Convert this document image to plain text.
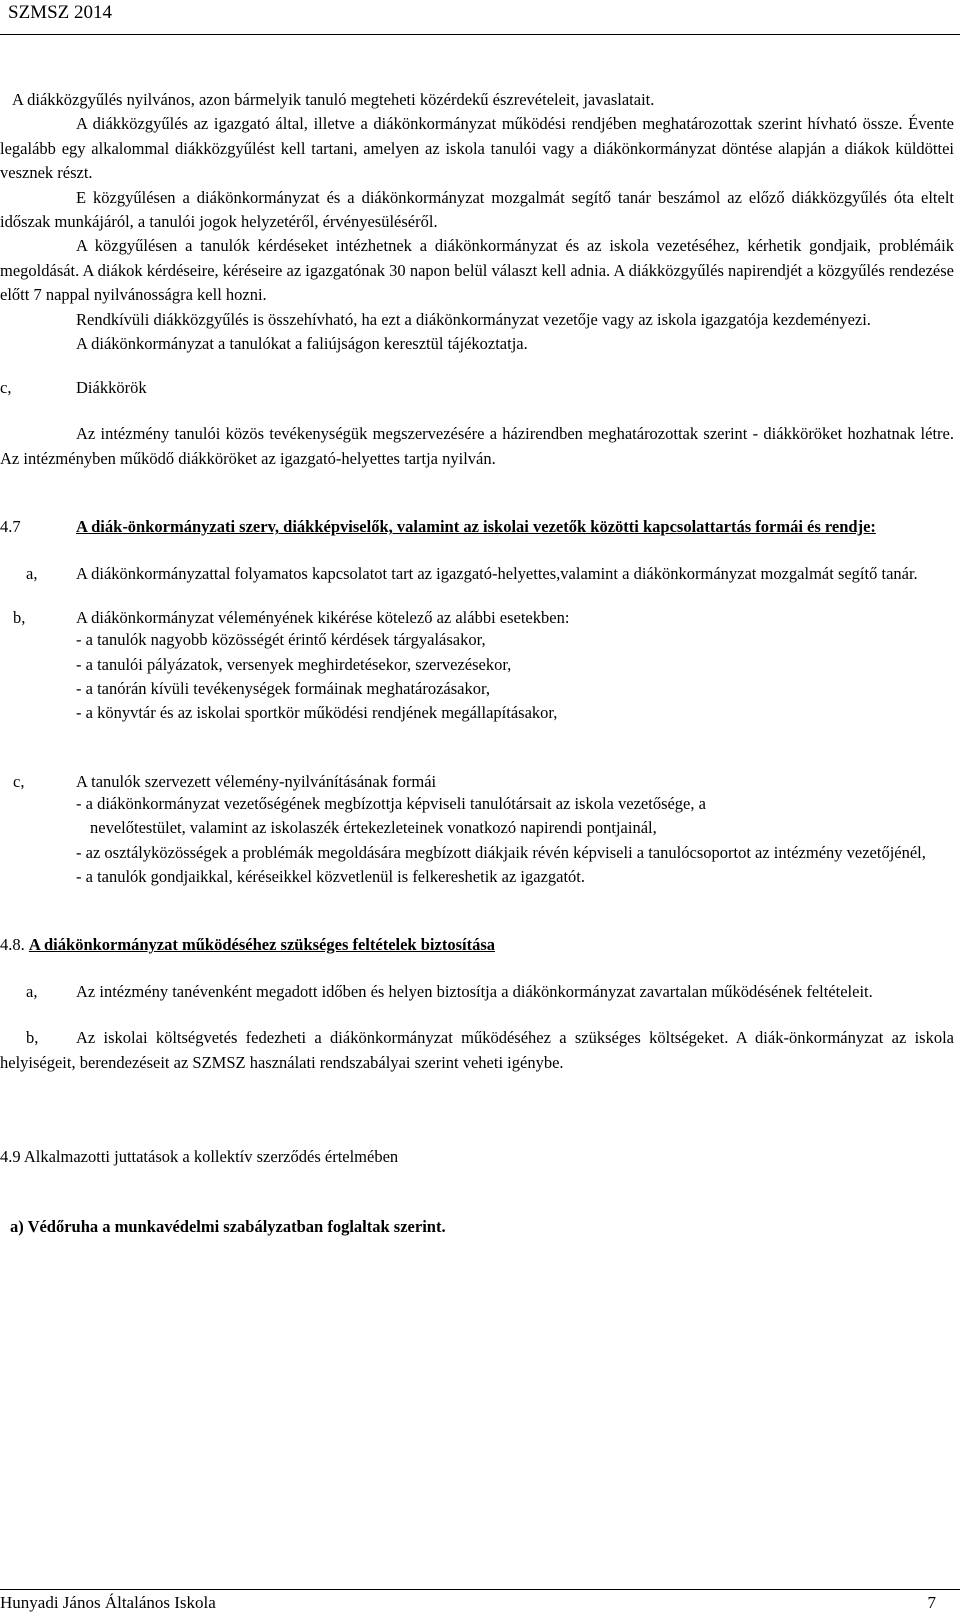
SZMSZ 2014

A diákközgyűlés nyilvános, azon bármelyik tanuló megteheti közérdekű észrevételeit, javaslatait.

A diákközgyűlés az igazgató által, illetve a diákönkormányzat működési rendjében meghatározottak szerint hívható össze. Évente legalább egy alkalommal diákközgyűlést kell tartani, amelyen az iskola tanulói vagy a diákönkormányzat döntése alapján a diákok küldöttei vesznek részt.

E közgyűlésen a diákönkormányzat és a diákönkormányzat mozgalmát segítő tanár beszámol az előző diákközgyűlés óta eltelt időszak munkájáról, a tanulói jogok helyzetéről, érvényesüléséről.

A közgyűlésen a tanulók kérdéseket intézhetnek a diákönkormányzat és az iskola vezetéséhez, kérhetik gondjaik, problémáik megoldását. A diákok kérdéseire, kéréseire az igazgatónak 30 napon belül választ kell adnia. A diákközgyűlés napirendjét a közgyűlés rendezése előtt 7 nappal nyilvánosságra kell hozni.

Rendkívüli diákközgyűlés is összehívható, ha ezt a diákönkormányzat vezetője vagy az iskola igazgatója kezdeményezi.

A diákönkormányzat a tanulókat a faliújságon keresztül tájékoztatja.

c,	Diákkörök

Az intézmény tanulói közös tevékenységük megszervezésére a házirendben meghatározottak szerint - diákköröket hozhatnak létre. Az intézményben működő diákköröket az igazgató-helyettes tartja nyilván.

4.7	A diák-önkormányzati szerv, diákképviselők, valamint az iskolai vezetők közötti kapcsolattartás formái és rendje:

a, A diákönkormányzattal folyamatos kapcsolatot tart az igazgató-helyettes,valamint a diákönkormányzat mozgalmát segítő tanár.

b,	A diákönkormányzat véleményének kikérése kötelező az alábbi esetekben:

- a tanulók nagyobb közösségét érintő kérdések tárgyalásakor,

- a tanulói pályázatok, versenyek meghirdetésekor, szervezésekor,

- a tanórán kívüli tevékenységek formáinak meghatározásakor,

- a könyvtár és az iskolai sportkör működési rendjének megállapításakor,

c,	A tanulók szervezett vélemény-nyilvánításának formái

- a diákönkormányzat vezetőségének megbízottja képviseli tanulótársait az iskola vezetősége, a

nevelőtestület, valamint az iskolaszék értekezleteinek vonatkozó napirendi pontjainál,

- az osztályközösségek a problémák megoldására megbízott diákjaik révén képviseli a tanulócsoportot az intézmény vezetőjénél,

- a tanulók gondjaikkal, kéréseikkel közvetlenül is felkereshetik az igazgatót.

4.8. A diákönkormányzat működéséhez szükséges feltételek biztosítása

a, Az intézmény tanévenként megadott időben és helyen biztosítja a diákönkormányzat zavartalan működésének feltételeit.

b, Az iskolai költségvetés fedezheti a diákönkormányzat működéséhez a szükséges költségeket. A diák-önkormányzat az iskola helyiségeit, berendezéseit az SZMSZ használati rendszabályai szerint veheti igénybe.

4.9 Alkalmazotti juttatások a kollektív szerződés értelmében

a) Védőruha a munkavédelmi szabályzatban foglaltak szerint.

Hunyadi János Általános Iskola	7
